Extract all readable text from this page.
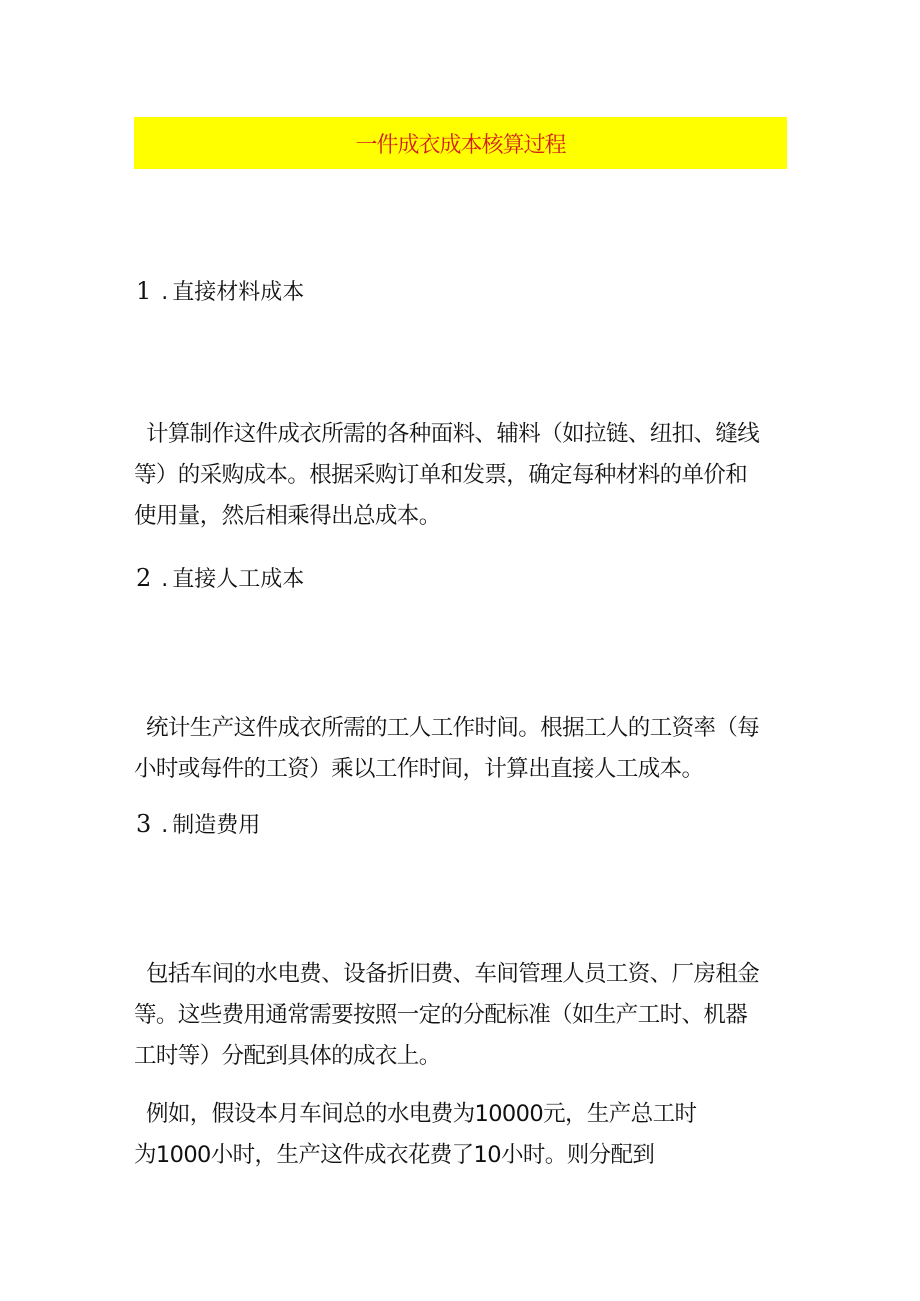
一件成衣成本核算过程
1 . 直接材料成本
计算制作这件成衣所需的各种面料、辅料（如拉链、纽扣、缝线
等）的采购成本。根据采购订单和发票，确定每种材料的单价和
使用量，然后相乘得出总成本。
2 . 直接人工成本
统计生产这件成衣所需的工人工作时间。根据工人的工资率（每
小时或每件的工资）乘以工作时间，计算出直接人工成本。
3 . 制造费用
包括车间的水电费、设备折旧费、车间管理人员工资、厂房租金
等。这些费用通常需要按照一定的分配标准（如生产工时、机器
工时等）分配到具体的成衣上。
例如，假设本月车间总的水电费为10000元，生产总工时
为1000小时，生产这件成衣花费了10小时。则分配到
